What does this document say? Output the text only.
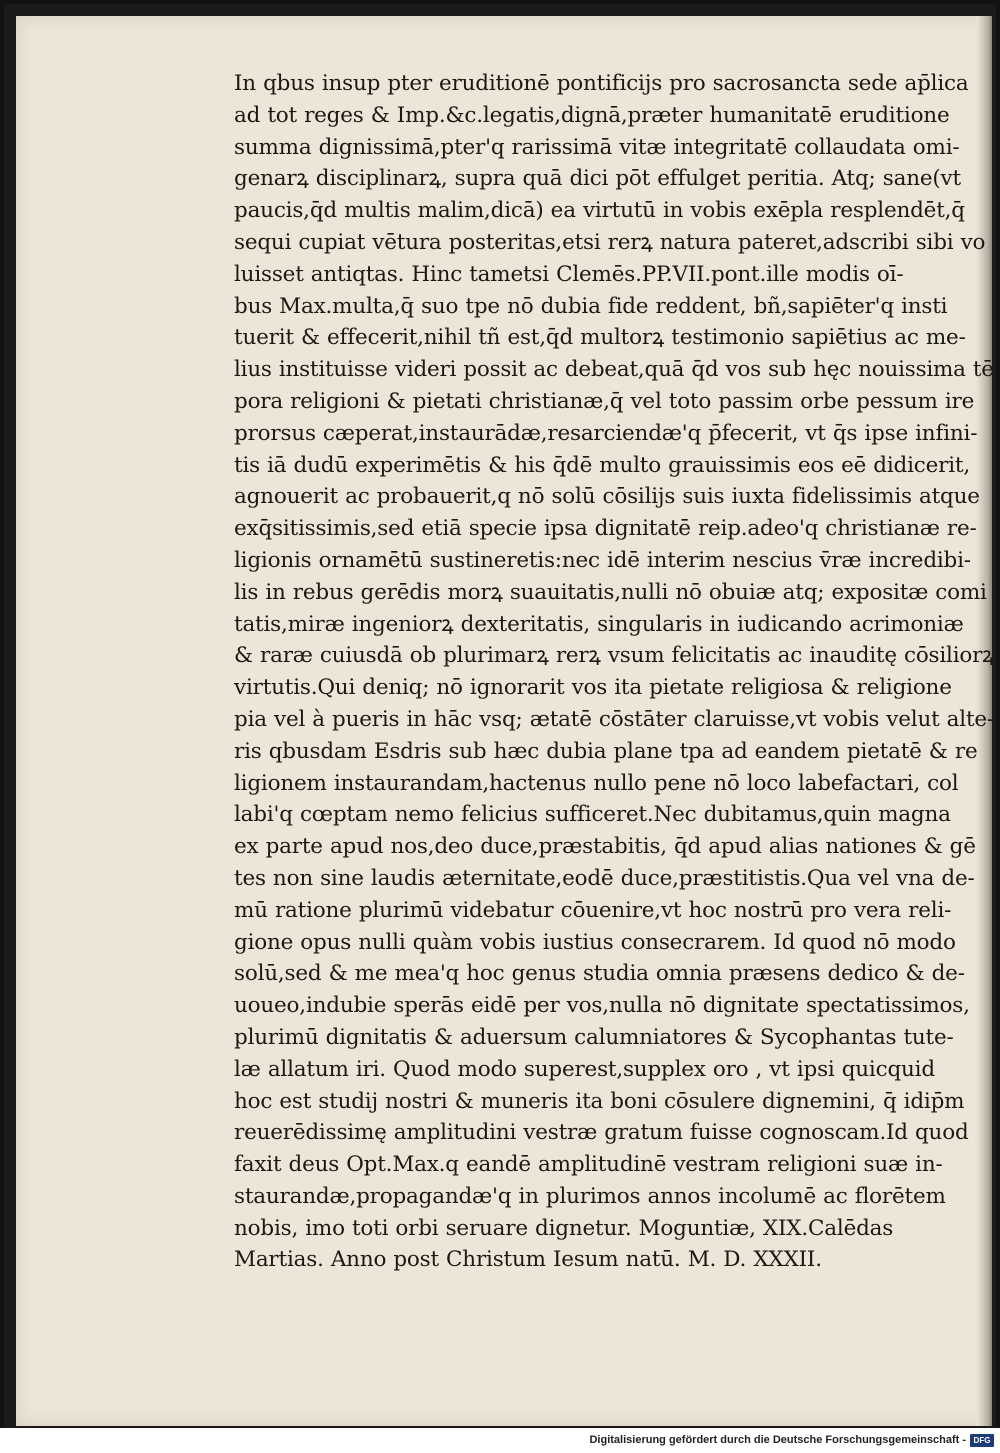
In qbus insup pter eruditionē pontificijs pro sacrosancta sede ap̄lica
ad tot reges & Imp.&c.legatis,dignā,præter humanitatē eruditione
summa dignissimā,pter'q rarissimā vitæ integritatē collaudata omi-
genarꝝ disciplinarꝝ, supra quā dici pōt effulget peritia. Atq; sane(vt
paucis,q̄d multis malim,dicā) ea virtutū in vobis exēpla resplendēt,q̄
sequi cupiat vētura posteritas,etsi rerꝝ natura pateret,adscribi sibi vo
luisset antiqtas. Hinc tametsi Clemēs.PP.VII.pont.ille modis oī-
bus Max.multa,q̄ suo tpe nō dubia fide reddent, bñ,sapiēter'q insti
tuerit & effecerit,nihil tñ est,q̄d multorꝝ testimonio sapiētius ac me-
lius instituisse videri possit ac debeat,quā q̄d vos sub hęc nouissima tē
pora religioni & pietati christianæ,q̄ vel toto passim orbe pessum ire
prorsus cæperat,instaurādæ,resarciendæ'q p̄fecerit, vt q̄s ipse infini-
tis iā dudū experimētis & his q̄dē multo grauissimis eos eē didicerit,
agnouerit ac probauerit,q nō solū cōsilijs suis iuxta fidelissimis atque
exq̄sitissimis,sed etiā specie ipsa dignitatē reip.adeo'q christianæ re-
ligionis ornamētū sustineretis:nec idē interim nescius v̄ræ incredibi-
lis in rebus gerēdis morꝝ suauitatis,nulli nō obuiæ atq; expositæ comi
tatis,miræ ingeniorꝝ dexteritatis, singularis in iudicando acrimoniæ
& raræ cuiusdā ob plurimarꝝ rerꝝ vsum felicitatis ac inauditę cōsiliorꝝ
virtutis.Qui deniq; nō ignorarit vos ita pietate religiosa & religione
pia vel à pueris in hāc vsq; ætatē cōstāter claruisse,vt vobis velut alte-
ris qbusdam Esdris sub hæc dubia plane tpa ad eandem pietatē & re
ligionem instaurandam,hactenus nullo pene nō loco labefactari, col
labi'q cœptam nemo felicius sufficeret.Nec dubitamus,quin magna
ex parte apud nos,deo duce,præstabitis, q̄d apud alias nationes & gē
tes non sine laudis æternitate,eodē duce,præstitistis.Qua vel vna de-
mū ratione plurimū videbatur cōuenire,vt hoc nostrū pro vera reli-
gione opus nulli quàm vobis iustius consecrarem. Id quod nō modo
solū,sed & me mea'q hoc genus studia omnia præsens dedico & de-
uoueo,indubie sperās eidē per vos,nulla nō dignitate spectatissimos,
plurimū dignitatis & aduersum calumniatores & Sycophantas tute-
læ allatum iri. Quod modo superest,supplex oro , vt ipsi quicquid
hoc est studij nostri & muneris ita boni cōsulere dignemini, q̄ idip̄m
reuerēdissimę amplitudini vestræ gratum fuisse cognoscam.Id quod
faxit deus Opt.Max.q eandē amplitudinē vestram religioni suæ in-
staurandæ,propagandæ'q in plurimos annos incolumē ac florētem
nobis, imo toti orbi seruare dignetur. Moguntiæ, XIX.Calēdas
Martias. Anno post Christum Iesum natū. M. D. XXXII.
Digitalisierung gefördert durch die Deutsche Forschungsgemeinschaft - DFG
